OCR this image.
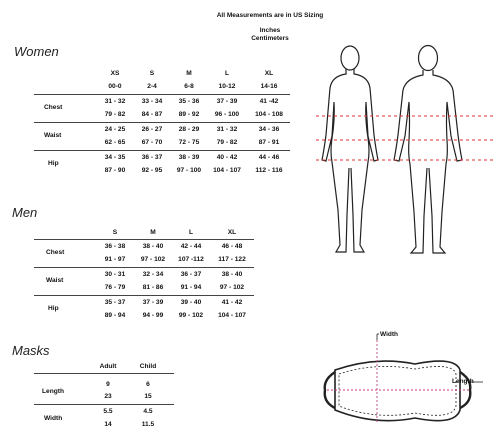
All Measurements are in US Sizing
Inches
Centimeters
Women
XS	S	M	L	XL
00-0	2-4	6-8	10-12	14-16
Chest
31 - 32	33 - 34	35 - 36	37 - 39	41 -42
79 - 82	84 - 87	89 - 92	96 - 100	104 - 108
Waist
24 - 25	26 - 27	28 - 29	31 - 32	34 - 36
62 - 65	67 - 70	72 - 75	79 - 82	87 - 91
Hip
34 - 35	36 - 37	38 - 39	40 - 42	44 - 46
87 - 90	92 - 95	97 - 100	104 - 107	112 - 116
Men
S	M	L	XL
Chest
36 - 38	38 - 40	42 - 44	46 - 48
91 - 97	97 - 102	107 -112	117 - 122
Waist
30 - 31	32 - 34	36 - 37	38 - 40
76 - 79	81 - 86	91 - 94	97 - 102
Hip
35 - 37	37 - 39	39 - 40	41 - 42
89 - 94	94 - 99	99 - 102	104 - 107
Masks
Adult	Child
Length
9	6
23	15
Width
5.5	4.5
14	11.5
Width
Length
